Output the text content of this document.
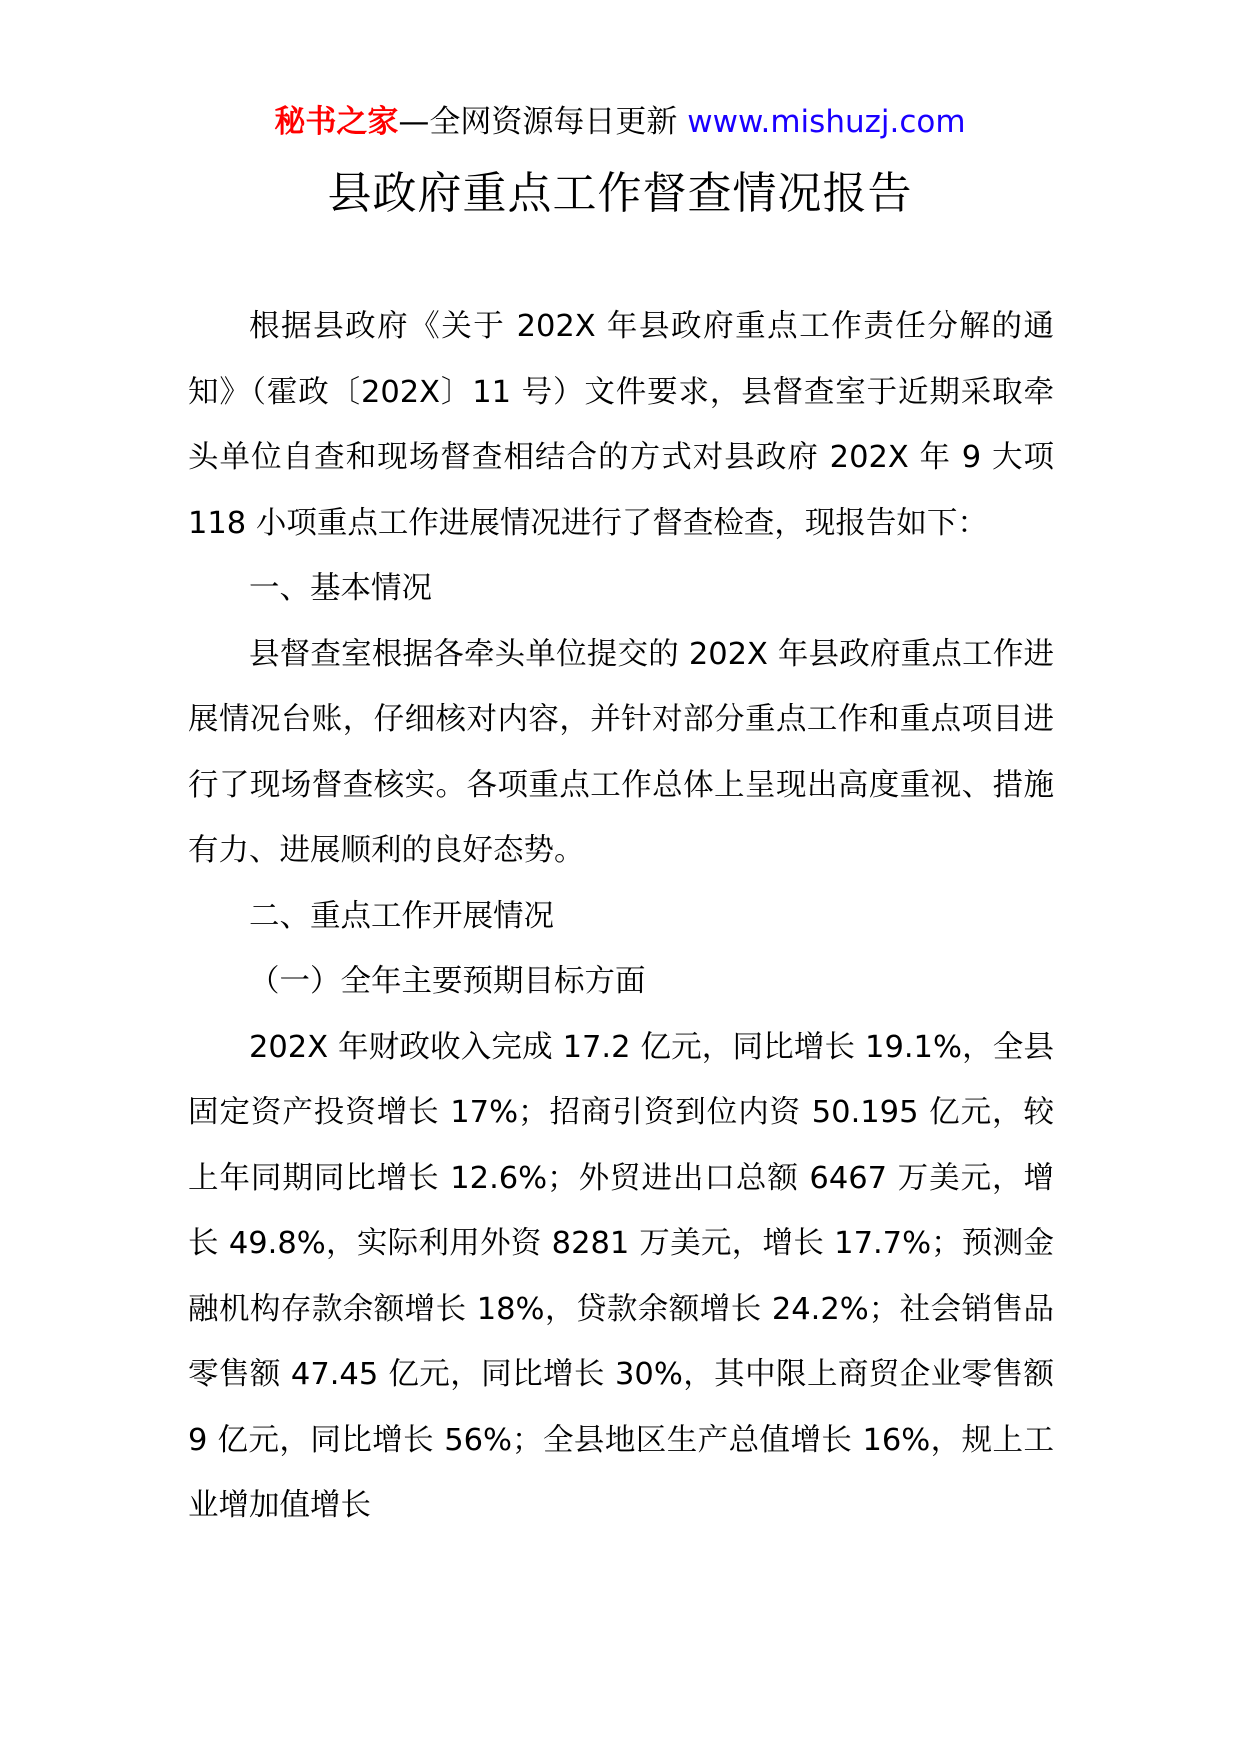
秘书之家—全网资源每日更新 www.mishuzj.com
县政府重点工作督查情况报告

根据县政府《关于 202X 年县政府重点工作责任分解的通知》（霍政〔202X〕11 号）文件要求，县督查室于近期采取牵头单位自查和现场督查相结合的方式对县政府 202X 年 9 大项 118 小项重点工作进展情况进行了督查检查，现报告如下：

一、基本情况

县督查室根据各牵头单位提交的 202X 年县政府重点工作进展情况台账，仔细核对内容，并针对部分重点工作和重点项目进行了现场督查核实。各项重点工作总体上呈现出高度重视、措施有力、进展顺利的良好态势。

二、重点工作开展情况

（一）全年主要预期目标方面

202X 年财政收入完成 17.2 亿元，同比增长 19.1%，全县固定资产投资增长 17%；招商引资到位内资 50.195 亿元，较上年同期同比增长 12.6%；外贸进出口总额 6467 万美元，增长 49.8%，实际利用外资 8281 万美元，增长 17.7%；预测金融机构存款余额增长 18%，贷款余额增长 24.2%；社会销售品零售额 47.45 亿元，同比增长 30%，其中限上商贸企业零售额 9 亿元，同比增长 56%；全县地区生产总值增长 16%，规上工业增加值增长
